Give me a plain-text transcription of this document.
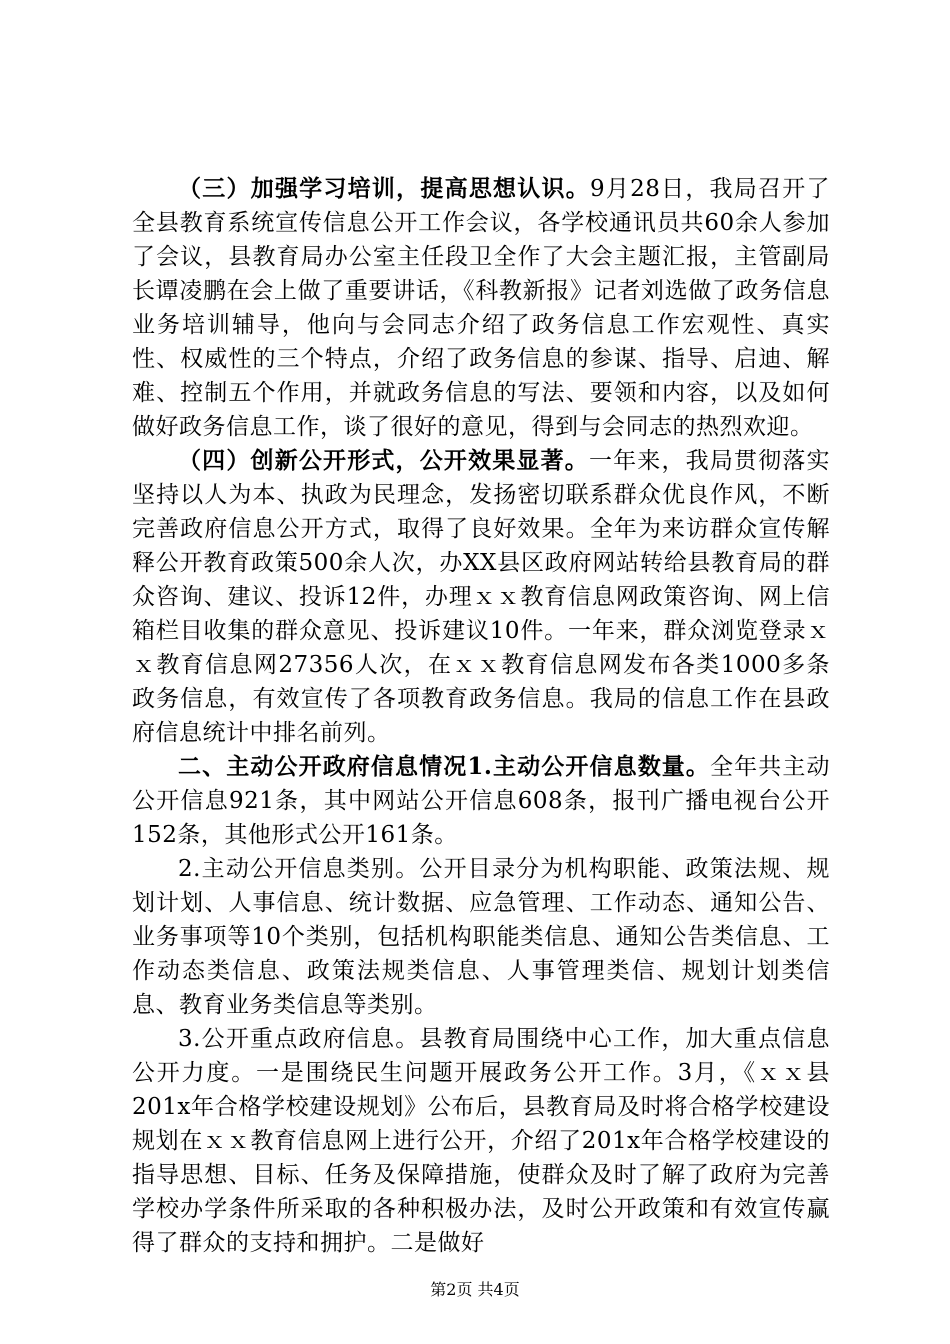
（三）加强学习培训，提高思想认识。9月28日，我局召开了全县教育系统宣传信息公开工作会议，各学校通讯员共60余人参加了会议，县教育局办公室主任段卫全作了大会主题汇报，主管副局长谭凌鹏在会上做了重要讲话，《科教新报》记者刘选做了政务信息业务培训辅导，他向与会同志介绍了政务信息工作宏观性、真实性、权威性的三个特点，介绍了政务信息的参谋、指导、启迪、解难、控制五个作用，并就政务信息的写法、要领和内容，以及如何做好政务信息工作，谈了很好的意见，得到与会同志的热烈欢迎。

（四）创新公开形式，公开效果显著。一年来，我局贯彻落实坚持以人为本、执政为民理念，发扬密切联系群众优良作风，不断完善政府信息公开方式，取得了良好效果。全年为来访群众宣传解释公开教育政策500余人次，办XX县区政府网站转给县教育局的群众咨询、建议、投诉12件，办理ｘｘ教育信息网政策咨询、网上信箱栏目收集的群众意见、投诉建议10件。一年来，群众浏览登录ｘｘ教育信息网27356人次，在ｘｘ教育信息网发布各类1000多条政务信息，有效宣传了各项教育政务信息。我局的信息工作在县政府信息统计中排名前列。

二、主动公开政府信息情况1.主动公开信息数量。全年共主动公开信息921条，其中网站公开信息608条，报刊广播电视台公开152条，其他形式公开161条。

2.主动公开信息类别。公开目录分为机构职能、政策法规、规划计划、人事信息、统计数据、应急管理、工作动态、通知公告、业务事项等10个类别，包括机构职能类信息、通知公告类信息、工作动态类信息、政策法规类信息、人事管理类信、规划计划类信息、教育业务类信息等类别。

3.公开重点政府信息。县教育局围绕中心工作，加大重点信息公开力度。一是围绕民生问题开展政务公开工作。3月，《ｘｘ县201x年合格学校建设规划》公布后，县教育局及时将合格学校建设规划在ｘｘ教育信息网上进行公开，介绍了201x年合格学校建设的指导思想、目标、任务及保障措施，使群众及时了解了政府为完善学校办学条件所采取的各种积极办法，及时公开政策和有效宣传赢得了群众的支持和拥护。二是做好

第2页 共4页
